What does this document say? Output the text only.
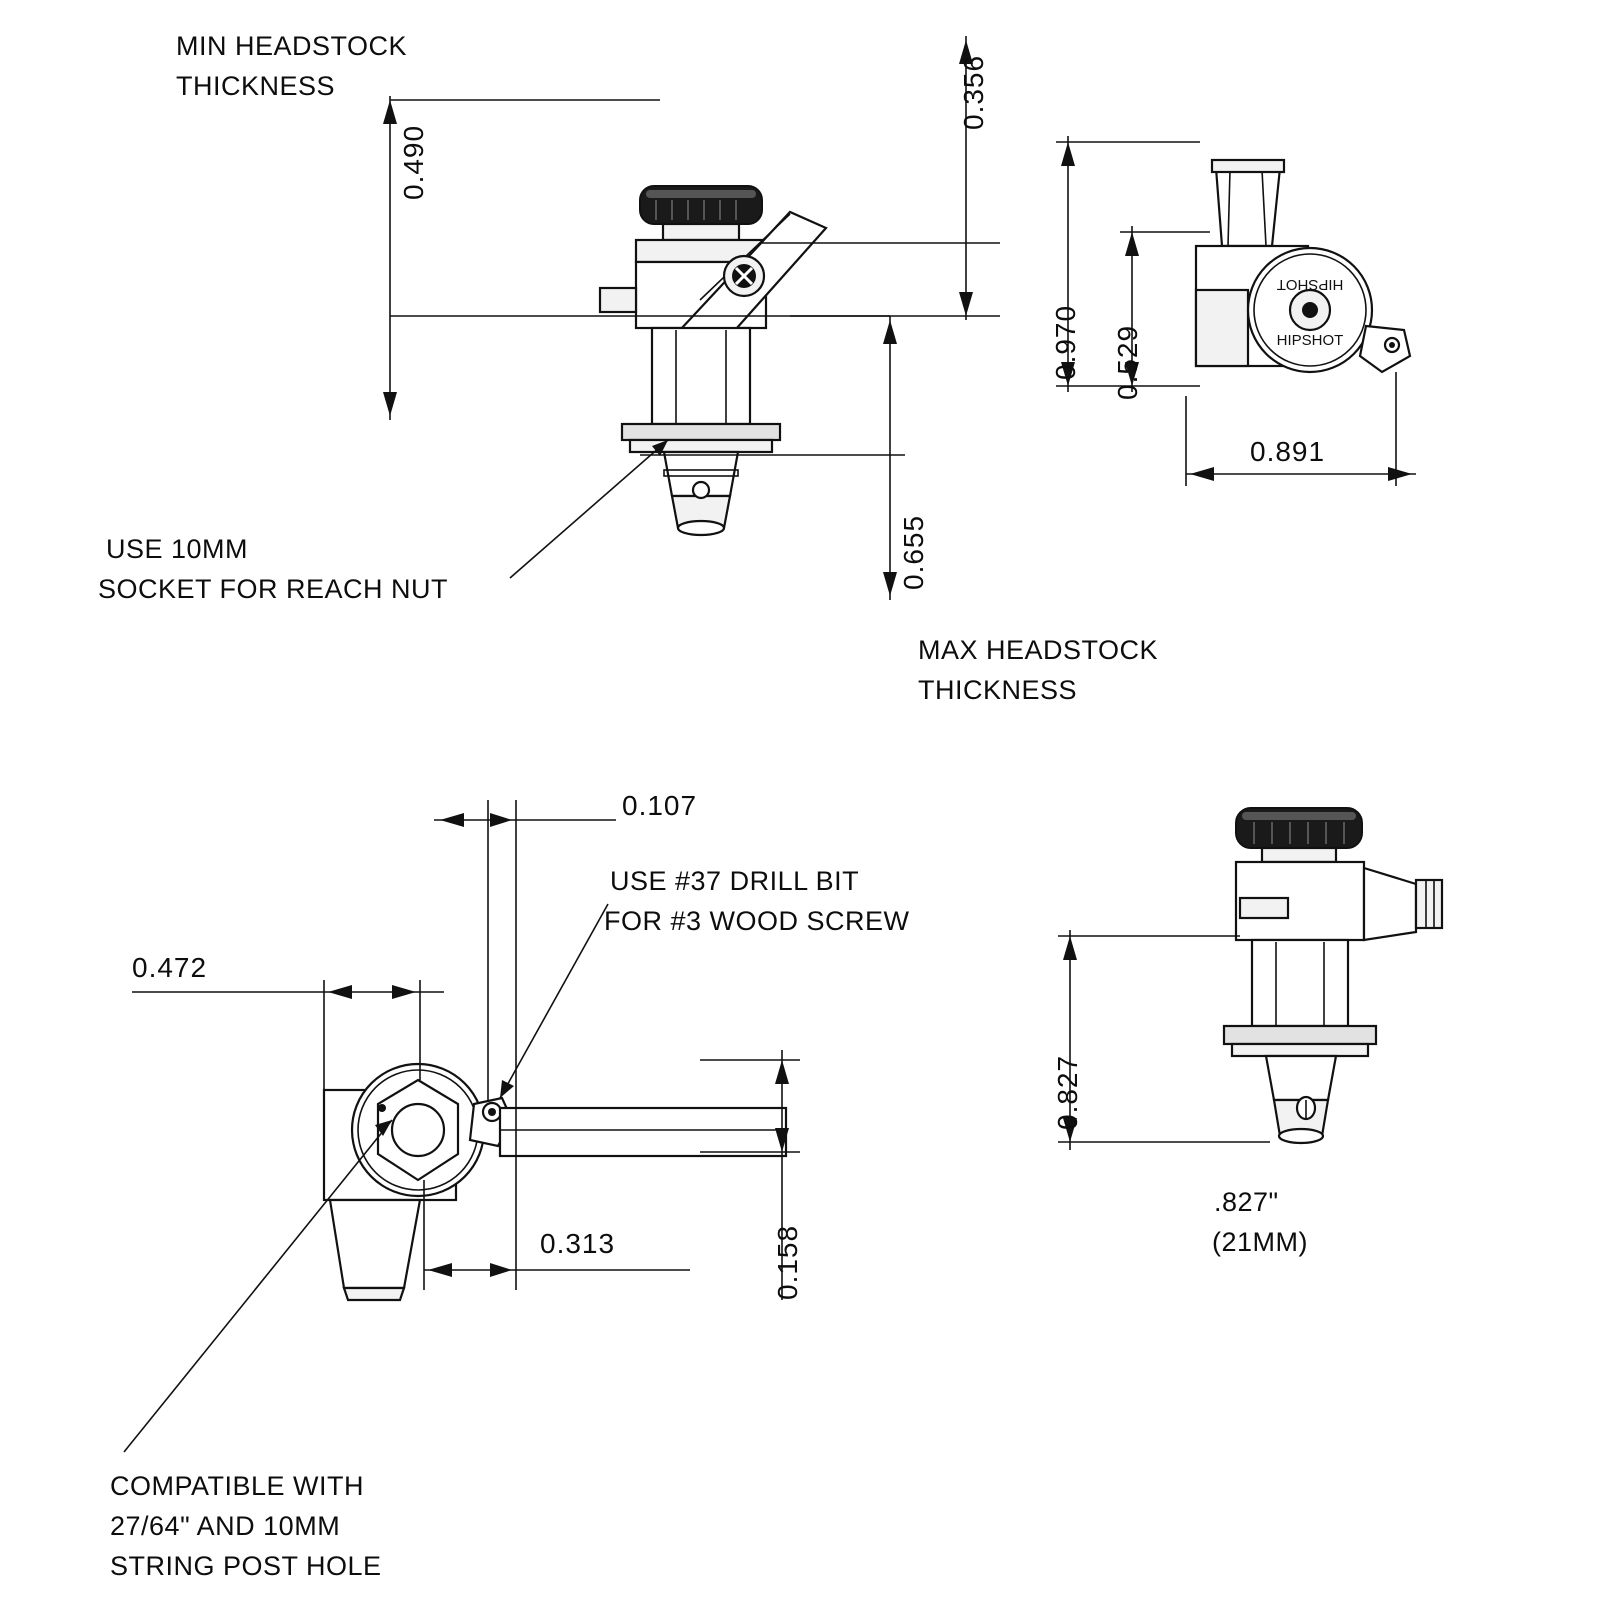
HIPSHOT
HIPSHOT
MIN HEADSTOCK
THICKNESS
USE 10MM
SOCKET FOR REACH NUT
MAX HEADSTOCK
THICKNESS
USE #37 DRILL BIT
FOR #3 WOOD SCREW
COMPATIBLE WITH
27/64" AND 10MM
STRING POST HOLE
.827"
(21MM)
0.490
0.356
0.655
0.970 0.529
0.891
0.107
0.472
0.313	0.158
0.827
